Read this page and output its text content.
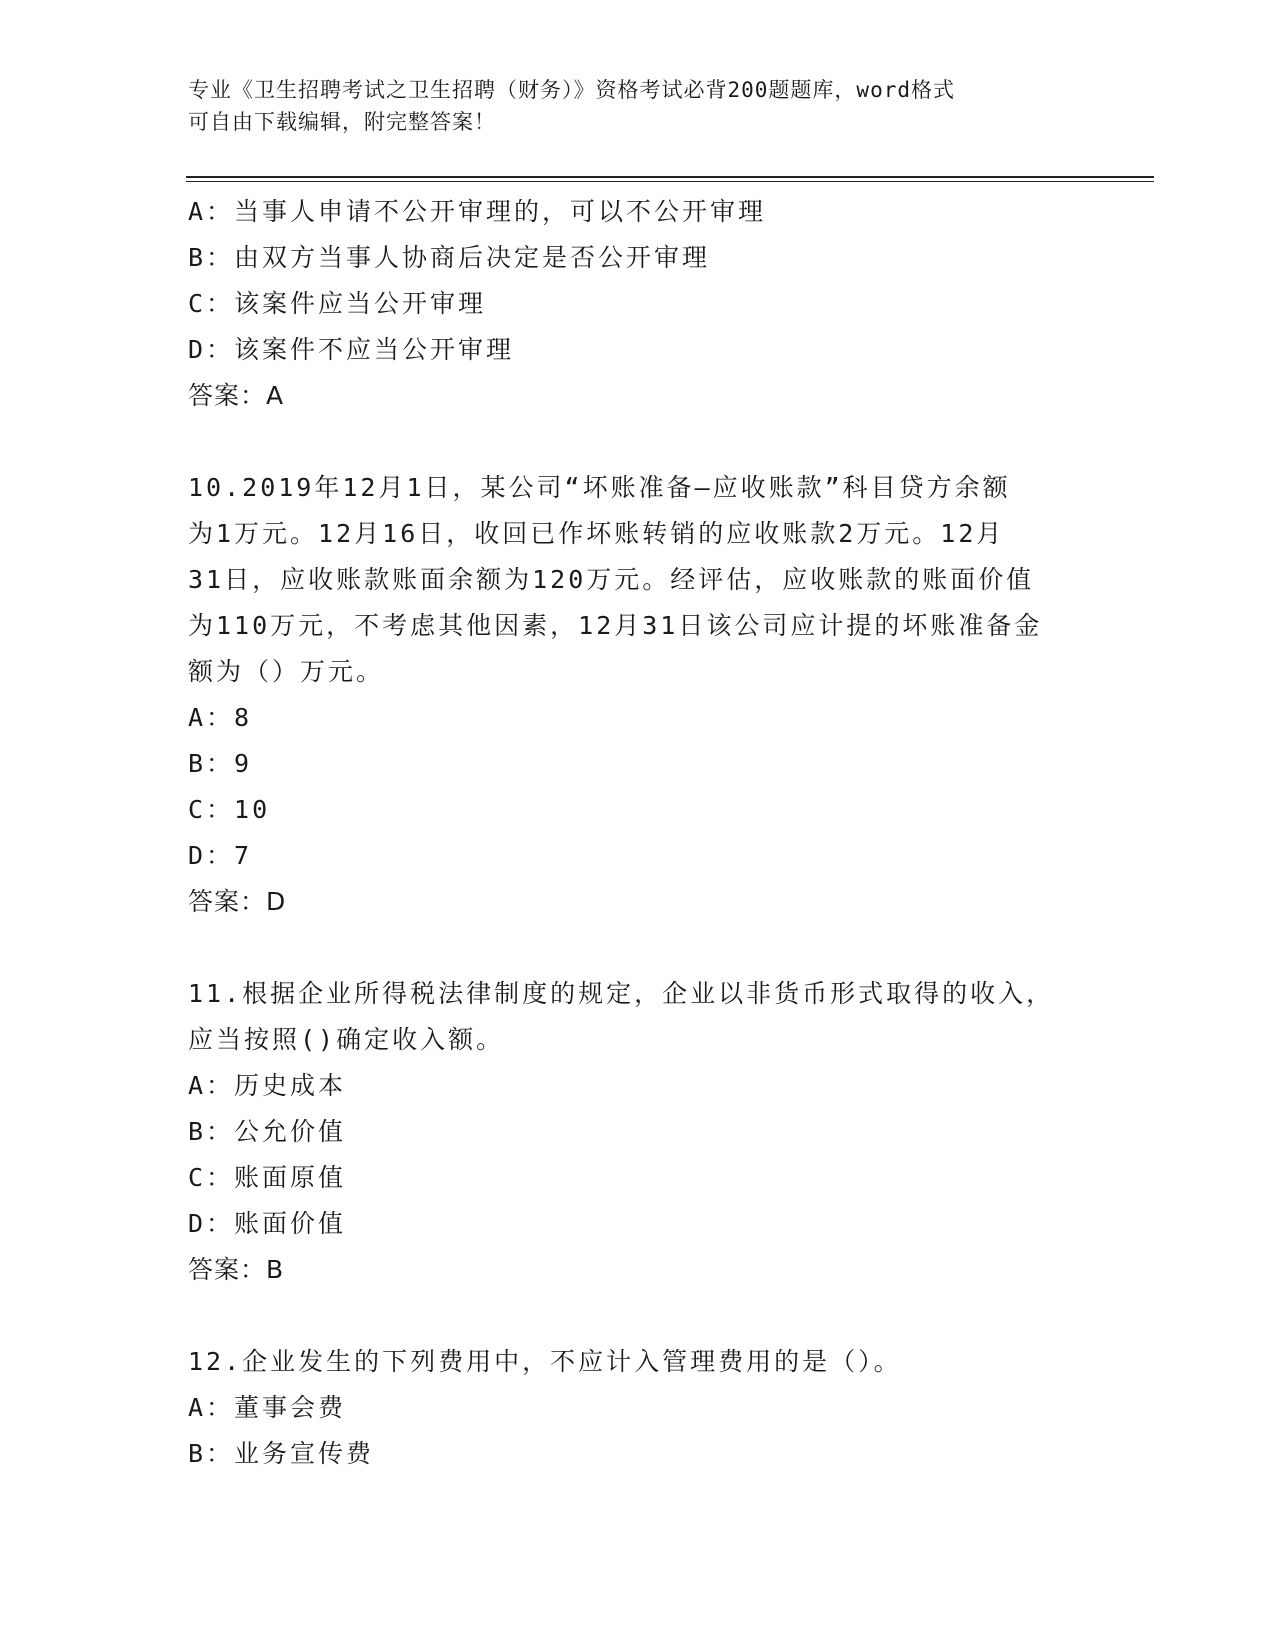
专业《卫生招聘考试之卫生招聘（财务）》资格考试必背200题题库，word格式
可自由下载编辑，附完整答案！
A：当事人申请不公开审理的，可以不公开审理
B：由双方当事人协商后决定是否公开审理
C：该案件应当公开审理
D：该案件不应当公开审理
答案：A
10.2019年12月1日，某公司“坏账准备—应收账款”科目贷方余额
为1万元。12月16日，收回已作坏账转销的应收账款2万元。12月
31日，应收账款账面余额为120万元。经评估，应收账款的账面价值
为110万元，不考虑其他因素，12月31日该公司应计提的坏账准备金
额为（）万元。
A：8
B：9
C：10
D：7
答案：D
11.根据企业所得税法律制度的规定，企业以非货币形式取得的收入，
应当按照()确定收入额。
A：历史成本
B：公允价值
C：账面原值
D：账面价值
答案：B
12.企业发生的下列费用中，不应计入管理费用的是（）。
A：董事会费
B：业务宣传费
